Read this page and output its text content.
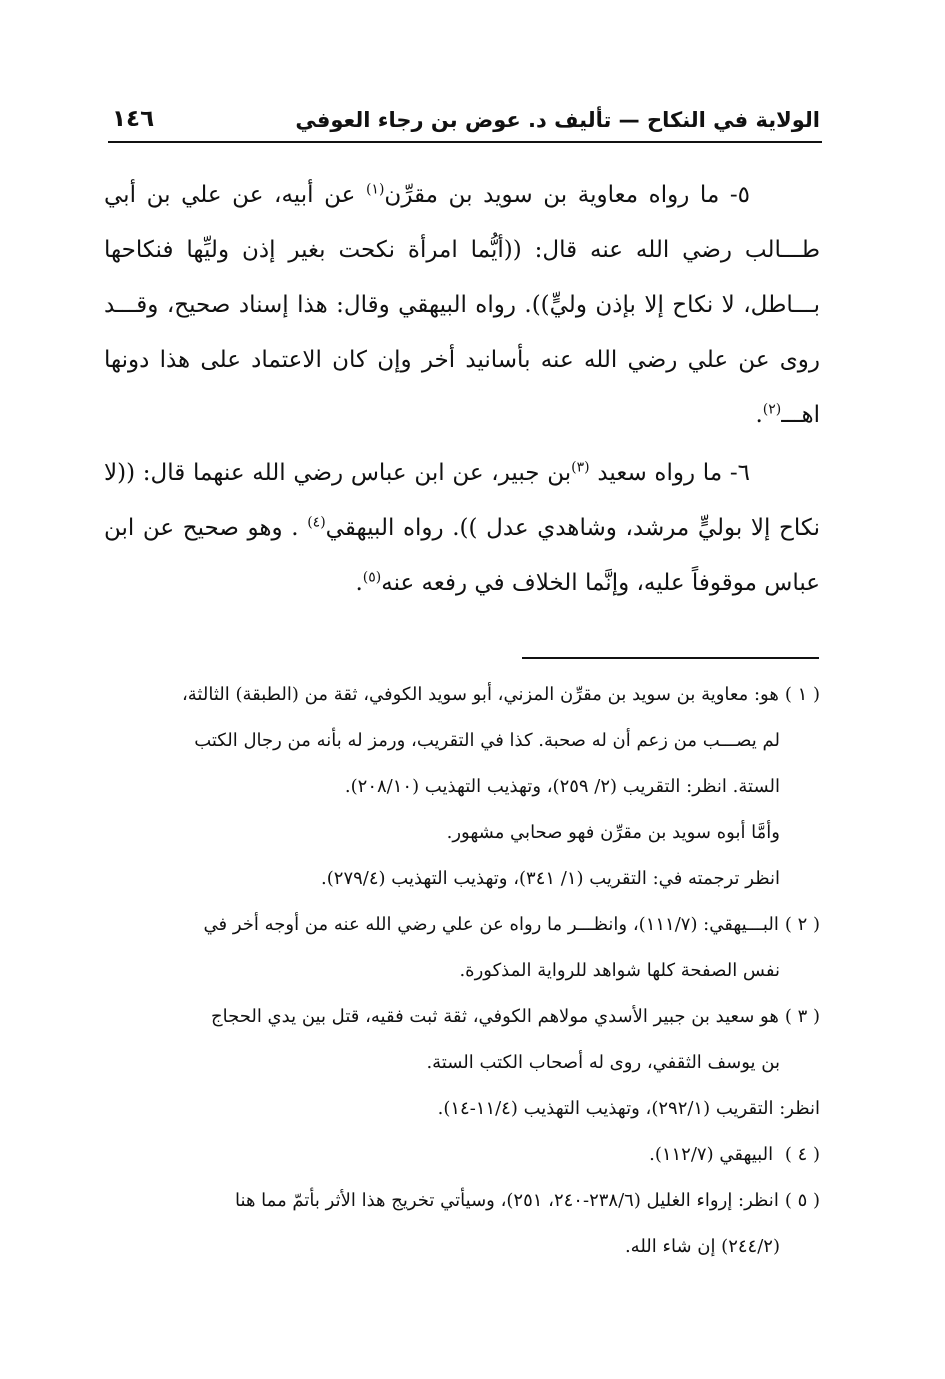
الولاية في النكاح — تأليف د. عوض بن رجاء العوفي
١٤٦

٥- ما رواه معاوية بن سويد بن مقرِّن$^{(١)}$ عن أبيه، عن علي بن أبي طـــالب رضي الله عنه قال: ((أيُّما امرأة نكحت بغير إذن وليِّها فنكاحها بـــاطل، لا نكاح إلا بإذن وليٍّ)). رواه البيهقي وقال: هذا إسناد صحيح، وقـــد روى عن علي رضي الله عنه بأسانيد أخر وإن كان الاعتماد على هذا دونها اهـــ$^{(٢)}$.

٦- ما رواه سعيد $^{(٣)}$بن جبير، عن ابن عباس رضي الله عنهما قال: ((لا نكاح إلا بوليٍّ مرشد، وشاهدي عدل )). رواه البيهقي$^{(٤)}$ . وهو صحيح عن ابن عباس موقوفاً عليه، وإنَّما الخلاف في رفعه عنه$^{(٥)}$.

( ١ )هو: معاوية بن سويد بن مقرِّن المزني، أبو سويد الكوفي، ثقة من (الطبقة) الثالثة،

لم يصـــب من زعم أن له صحبة. كذا في التقريب، ورمز له بأنه من رجال الكتب

الستة. انظر: التقريب (٢/ ٢٥٩)، وتهذيب التهذيب (٢٠٨/١٠).

وأمَّا أبوه سويد بن مقرِّن فهو صحابي مشهور.

انظر ترجمته في: التقريب (١/ ٣٤١)، وتهذيب التهذيب (٢٧٩/٤).

( ٢ )البـــيهقي: (١١١/٧)، وانظـــر ما رواه عن علي رضي الله عنه من أوجه أخر في

نفس الصفحة كلها شواهد للرواية المذكورة.

( ٣ )هو سعيد بن جبير الأسدي مولاهم الكوفي، ثقة ثبت فقيه، قتل بين يدي الحجاج

بن يوسف الثقفي، روى له أصحاب الكتب الستة.

انظر: التقريب (٢٩٢/١)، وتهذيب التهذيب (١١/٤-١٤).

( ٤ ) البيهقي (١١٢/٧).

( ٥ )انظر: إرواء الغليل (٢٣٨/٦-٢٤٠، ٢٥١)، وسيأتي تخريج هذا الأثر بأتمّ مما هنا

(٢٤٤/٢) إن شاء الله.
